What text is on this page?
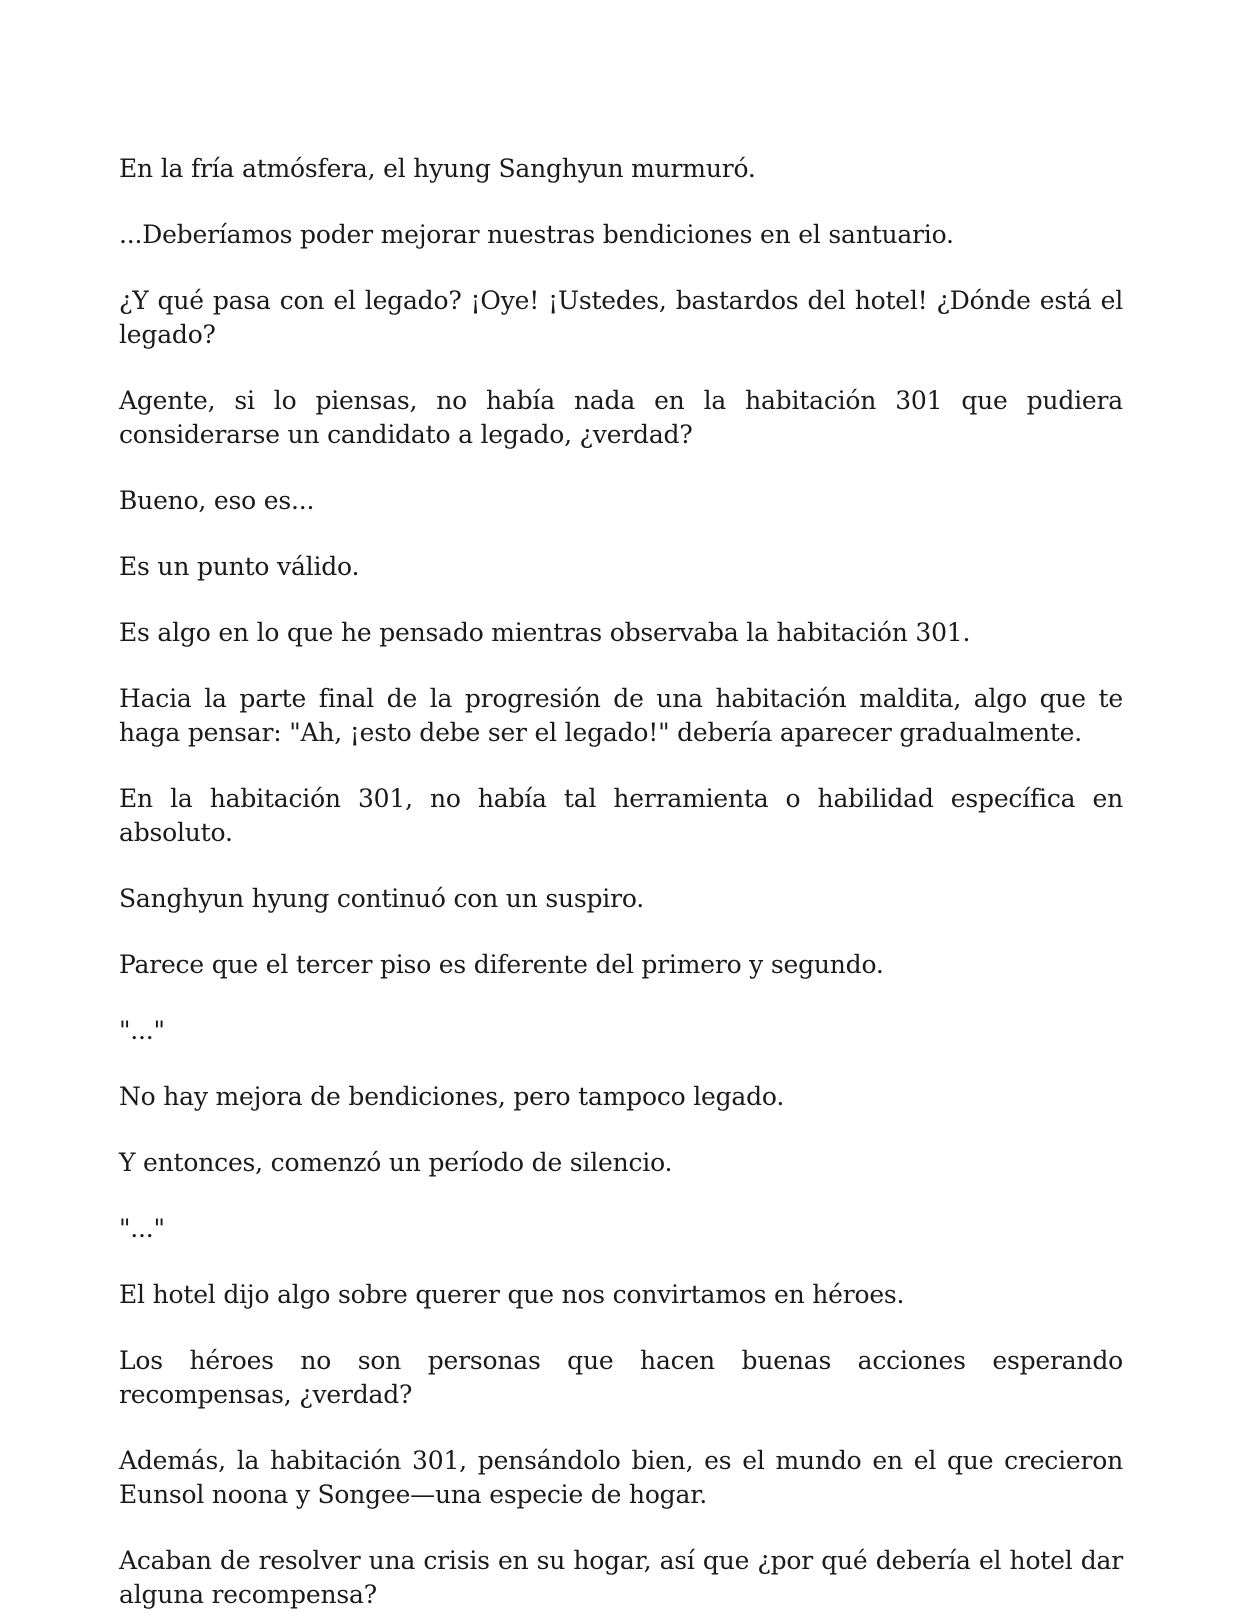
En la fría atmósfera, el hyung Sanghyun murmuró.

...Deberíamos poder mejorar nuestras bendiciones en el santuario.

¿Y qué pasa con el legado? ¡Oye! ¡Ustedes, bastardos del hotel! ¿Dónde está el legado?

Agente, si lo piensas, no había nada en la habitación 301 que pudiera considerarse un candidato a legado, ¿verdad?

Bueno, eso es...

Es un punto válido.

Es algo en lo que he pensado mientras observaba la habitación 301.

Hacia la parte final de la progresión de una habitación maldita, algo que te haga pensar: "Ah, ¡esto debe ser el legado!" debería aparecer gradualmente.

En la habitación 301, no había tal herramienta o habilidad específica en absoluto.

Sanghyun hyung continuó con un suspiro.

Parece que el tercer piso es diferente del primero y segundo.

"..."

No hay mejora de bendiciones, pero tampoco legado.

Y entonces, comenzó un período de silencio.

"..."

El hotel dijo algo sobre querer que nos convirtamos en héroes.

Los héroes no son personas que hacen buenas acciones esperando recompensas, ¿verdad?

Además, la habitación 301, pensándolo bien, es el mundo en el que crecieron Eunsol noona y Songee—una especie de hogar.

Acaban de resolver una crisis en su hogar, así que ¿por qué debería el hotel dar alguna recompensa?
